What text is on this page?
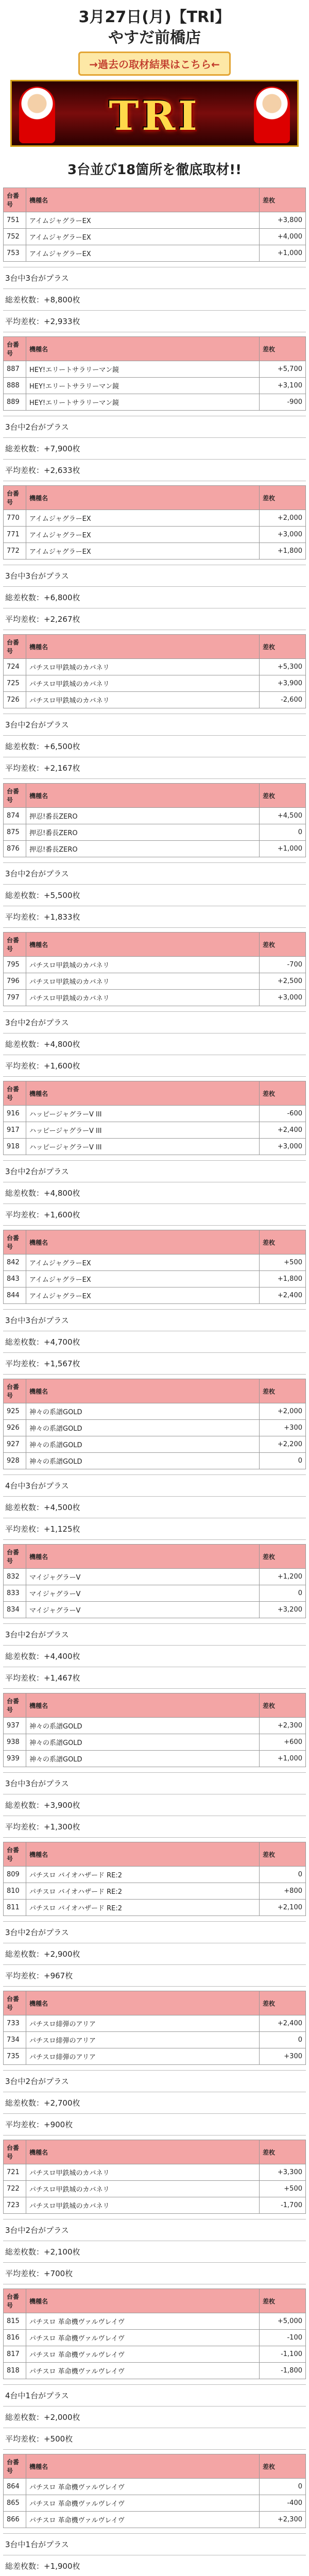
3月27日(月)【TRI】
やすだ前橋店
→過去の取材結果はこちら←
TRI
3台並び18箇所を徹底取材!!
台番号	機種名	差枚
751	アイムジャグラーEX	+3,800
752	アイムジャグラーEX	+4,000
753	アイムジャグラーEX	+1,000
3台中3台がプラス
総差枚数：+8,800枚
平均差枚：+2,933枚
台番号	機種名	差枚
887	HEY!エリートサラリーマン鏡	+5,700
888	HEY!エリートサラリーマン鏡	+3,100
889	HEY!エリートサラリーマン鏡	-900
3台中2台がプラス
総差枚数：+7,900枚
平均差枚：+2,633枚
台番号	機種名	差枚
770	アイムジャグラーEX	+2,000
771	アイムジャグラーEX	+3,000
772	アイムジャグラーEX	+1,800
3台中3台がプラス
総差枚数：+6,800枚
平均差枚：+2,267枚
台番号	機種名	差枚
724	パチスロ甲鉄城のカバネリ	+5,300
725	パチスロ甲鉄城のカバネリ	+3,900
726	パチスロ甲鉄城のカバネリ	-2,600
3台中2台がプラス
総差枚数：+6,500枚
平均差枚：+2,167枚
台番号	機種名	差枚
874	押忍!番長ZERO	+4,500
875	押忍!番長ZERO	0
876	押忍!番長ZERO	+1,000
3台中2台がプラス
総差枚数：+5,500枚
平均差枚：+1,833枚
台番号	機種名	差枚
795	パチスロ甲鉄城のカバネリ	-700
796	パチスロ甲鉄城のカバネリ	+2,500
797	パチスロ甲鉄城のカバネリ	+3,000
3台中2台がプラス
総差枚数：+4,800枚
平均差枚：+1,600枚
台番号	機種名	差枚
916	ハッピージャグラーV III	-600
917	ハッピージャグラーV III	+2,400
918	ハッピージャグラーV III	+3,000
3台中2台がプラス
総差枚数：+4,800枚
平均差枚：+1,600枚
台番号	機種名	差枚
842	アイムジャグラーEX	+500
843	アイムジャグラーEX	+1,800
844	アイムジャグラーEX	+2,400
3台中3台がプラス
総差枚数：+4,700枚
平均差枚：+1,567枚
台番号	機種名	差枚
925	神々の系譜GOLD	+2,000
926	神々の系譜GOLD	+300
927	神々の系譜GOLD	+2,200
928	神々の系譜GOLD	0
4台中3台がプラス
総差枚数：+4,500枚
平均差枚：+1,125枚
台番号	機種名	差枚
832	マイジャグラーV	+1,200
833	マイジャグラーV	0
834	マイジャグラーV	+3,200
3台中2台がプラス
総差枚数：+4,400枚
平均差枚：+1,467枚
台番号	機種名	差枚
937	神々の系譜GOLD	+2,300
938	神々の系譜GOLD	+600
939	神々の系譜GOLD	+1,000
3台中3台がプラス
総差枚数：+3,900枚
平均差枚：+1,300枚
台番号	機種名	差枚
809	パチスロ バイオハザード RE:2	0
810	パチスロ バイオハザード RE:2	+800
811	パチスロ バイオハザード RE:2	+2,100
3台中2台がプラス
総差枚数：+2,900枚
平均差枚：+967枚
台番号	機種名	差枚
733	パチスロ緋弾のアリア	+2,400
734	パチスロ緋弾のアリア	0
735	パチスロ緋弾のアリア	+300
3台中2台がプラス
総差枚数：+2,700枚
平均差枚：+900枚
台番号	機種名	差枚
721	パチスロ甲鉄城のカバネリ	+3,300
722	パチスロ甲鉄城のカバネリ	+500
723	パチスロ甲鉄城のカバネリ	-1,700
3台中2台がプラス
総差枚数：+2,100枚
平均差枚：+700枚
台番号	機種名	差枚
815	パチスロ 革命機ヴァルヴレイヴ	+5,000
816	パチスロ 革命機ヴァルヴレイヴ	-100
817	パチスロ 革命機ヴァルヴレイヴ	-1,100
818	パチスロ 革命機ヴァルヴレイヴ	-1,800
4台中1台がプラス
総差枚数：+2,000枚
平均差枚：+500枚
台番号	機種名	差枚
864	パチスロ 革命機ヴァルヴレイヴ	0
865	パチスロ 革命機ヴァルヴレイヴ	-400
866	パチスロ 革命機ヴァルヴレイヴ	+2,300
3台中1台がプラス
総差枚数：+1,900枚
